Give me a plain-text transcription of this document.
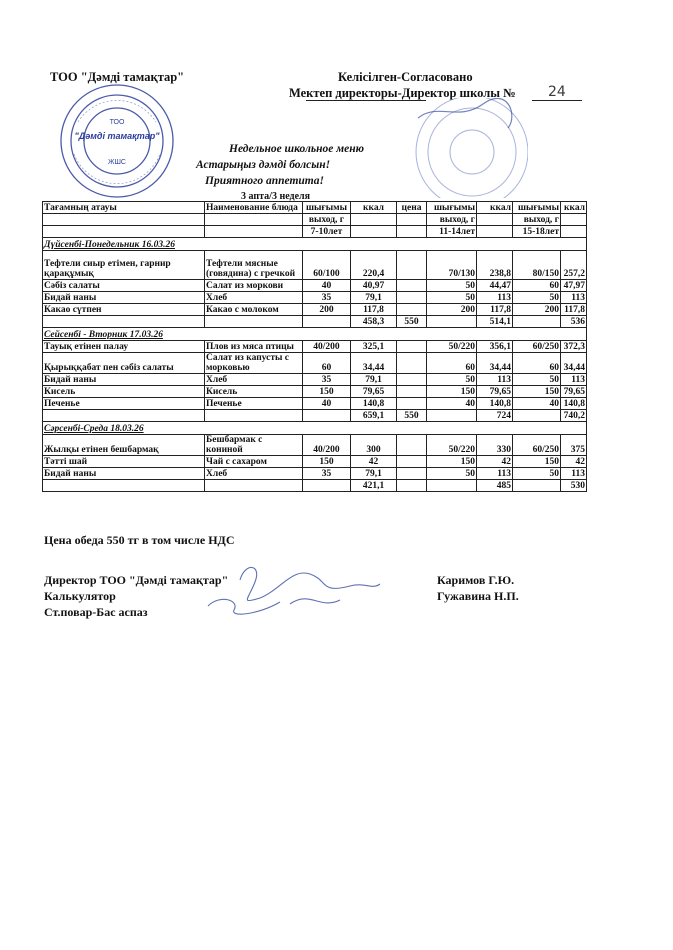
ТОО "Дәмді тамақтар"	Келісілген-Согласовано
Мектеп директоры-Директор школы № 24
ТОО
"Дәмді тамақтар"
ЖШС
Недельное школьное меню
Астарыңыз дәмді болсын!
Приятного аппетита!
3 апта/3 неделя
Тағамның атауы	Наименование блюда	шығымы	ккал	цена	шығымы	ккал	шығымы	ккал
		выход, г			выход, г		выход, г	
		7-10лет			11-14лет		15-18лет	
Дүйсенбі-Понедельник 16.03.26								
Тефтели сиыр етімен, гарнир қарақұмық	Тефтели мясные (говядина) с гречкой	60/100	220,4		70/130	238,8	80/150	257,2
Сәбіз салаты	Салат из моркови	40	40,97		50	44,47	60	47,97
Бидай наны	Хлеб	35	79,1		50	113	50	113
Какао сүтпен	Какао с молоком	200	117,8		200	117,8	200	117,8
			458,3	550		514,1		536
Сейсенбі - Вторник 17.03.26								
Тауық етінен палау	Плов из мяса птицы	40/200	325,1		50/220	356,1	60/250	372,3
Қырыққабат пен сәбіз салаты	Салат из капусты с морковью	60	34,44		60	34,44	60	34,44
Бидай наны	Хлеб	35	79,1		50	113	50	113
Кисель	Кисель	150	79,65		150	79,65	150	79,65
Печенье	Печенье	40	140,8		40	140,8	40	140,8
			659,1	550		724		740,2
Сәрсенбі-Среда 18.03.26								
Жылқы етінен бешбармақ	Бешбармак с кониной	40/200	300		50/220	330	60/250	375
Тәтті шай	Чай с сахаром	150	42		150	42	150	42
Бидай наны	Хлеб	35	79,1		50	113	50	113
			421,1			485		530
Цена обеда 550 тг в том числе НДС
Директор ТОО "Дәмді тамақтар"
Калькулятор
Ст.повар-Бас аспаз
Каримов Г.Ю.
Гужавина Н.П.
